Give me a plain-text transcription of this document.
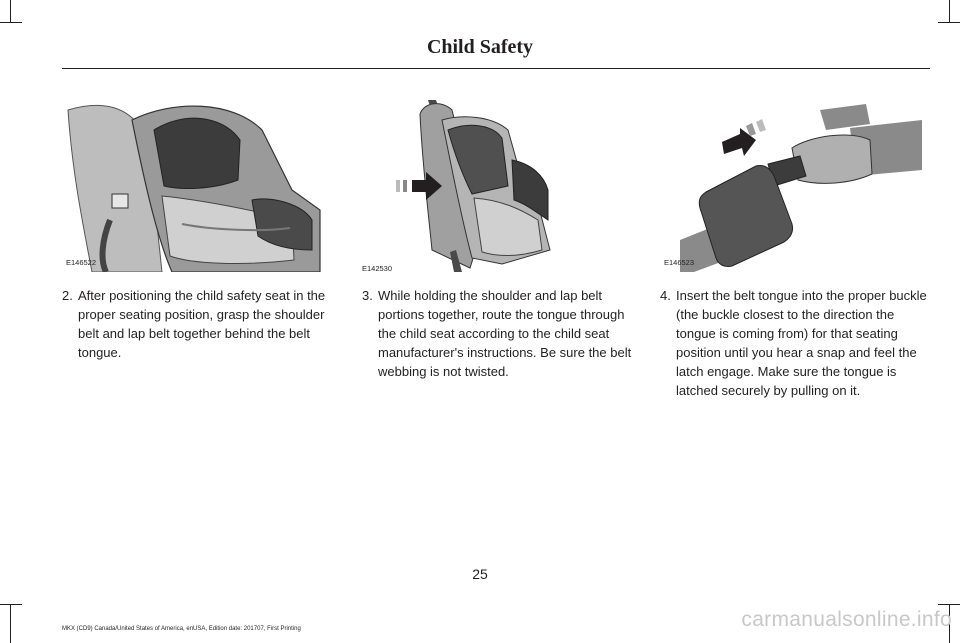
Child Safety
E146522
E142530
E146523
2. After positioning the child safety seat in the proper seating position, grasp the shoulder belt and lap belt together behind the belt tongue.
3. While holding the shoulder and lap belt portions together, route the tongue through the child seat according to the child seat manufacturer's instructions. Be sure the belt webbing is not twisted.
4. Insert the belt tongue into the proper buckle (the buckle closest to the direction the tongue is coming from) for that seating position until you hear a snap and feel the latch engage. Make sure the tongue is latched securely by pulling on it.
25
MKX (CD9) Canada/United States of America, enUSA, Edition date: 201707, First Printing	carmanualsonline.info
